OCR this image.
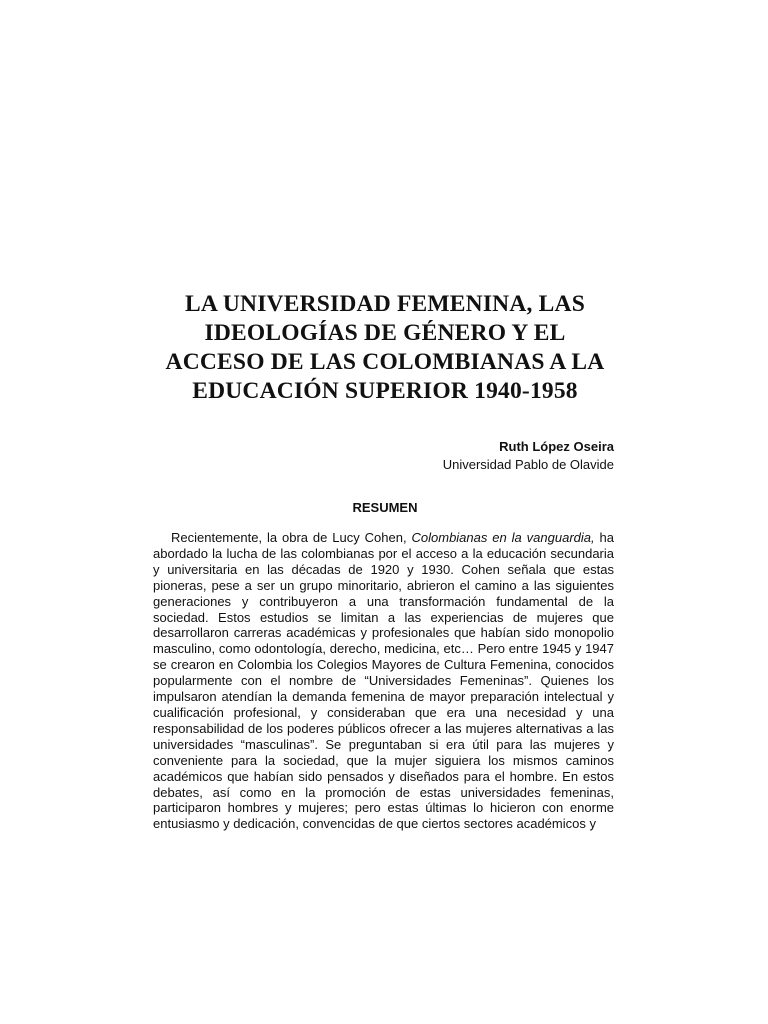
LA UNIVERSIDAD FEMENINA, LAS
IDEOLOGÍAS DE GÉNERO Y EL
ACCESO DE LAS COLOMBIANAS A LA
EDUCACIÓN SUPERIOR 1940-1958
Ruth López Oseira
Universidad Pablo de Olavide
RESUMEN

Recientemente, la obra de Lucy Cohen, Colombianas en la vanguardia, ha abordado la lucha de las colombianas por el acceso a la educación secundaria y universitaria en las décadas de 1920 y 1930. Cohen señala que estas pioneras, pese a ser un grupo minoritario, abrieron el camino a las siguientes generaciones y contribuyeron a una transformación fundamental de la sociedad. Estos estudios se limitan a las experiencias de mujeres que desarrollaron carreras académicas y profesionales que habían sido monopolio masculino, como odontología, derecho, medicina, etc… Pero entre 1945 y 1947 se crearon en Colombia los Colegios Mayores de Cultura Femenina, conocidos popularmente con el nombre de “Universidades Femeninas”. Quienes los impulsaron atendían la demanda femenina de mayor preparación intelectual y cualificación profesional, y consideraban que era una necesidad y una responsabilidad de los poderes públicos ofrecer a las mujeres alternativas a las universidades “masculinas”. Se preguntaban si era útil para las mujeres y conveniente para la sociedad, que la mujer siguiera los mismos caminos académicos que habían sido pensados y diseñados para el hombre. En estos debates, así como en la promoción de estas universidades femeninas, participaron hombres y mujeres; pero estas últimas lo hicieron con enorme entusiasmo y dedicación, convencidas de que ciertos sectores académicos y
